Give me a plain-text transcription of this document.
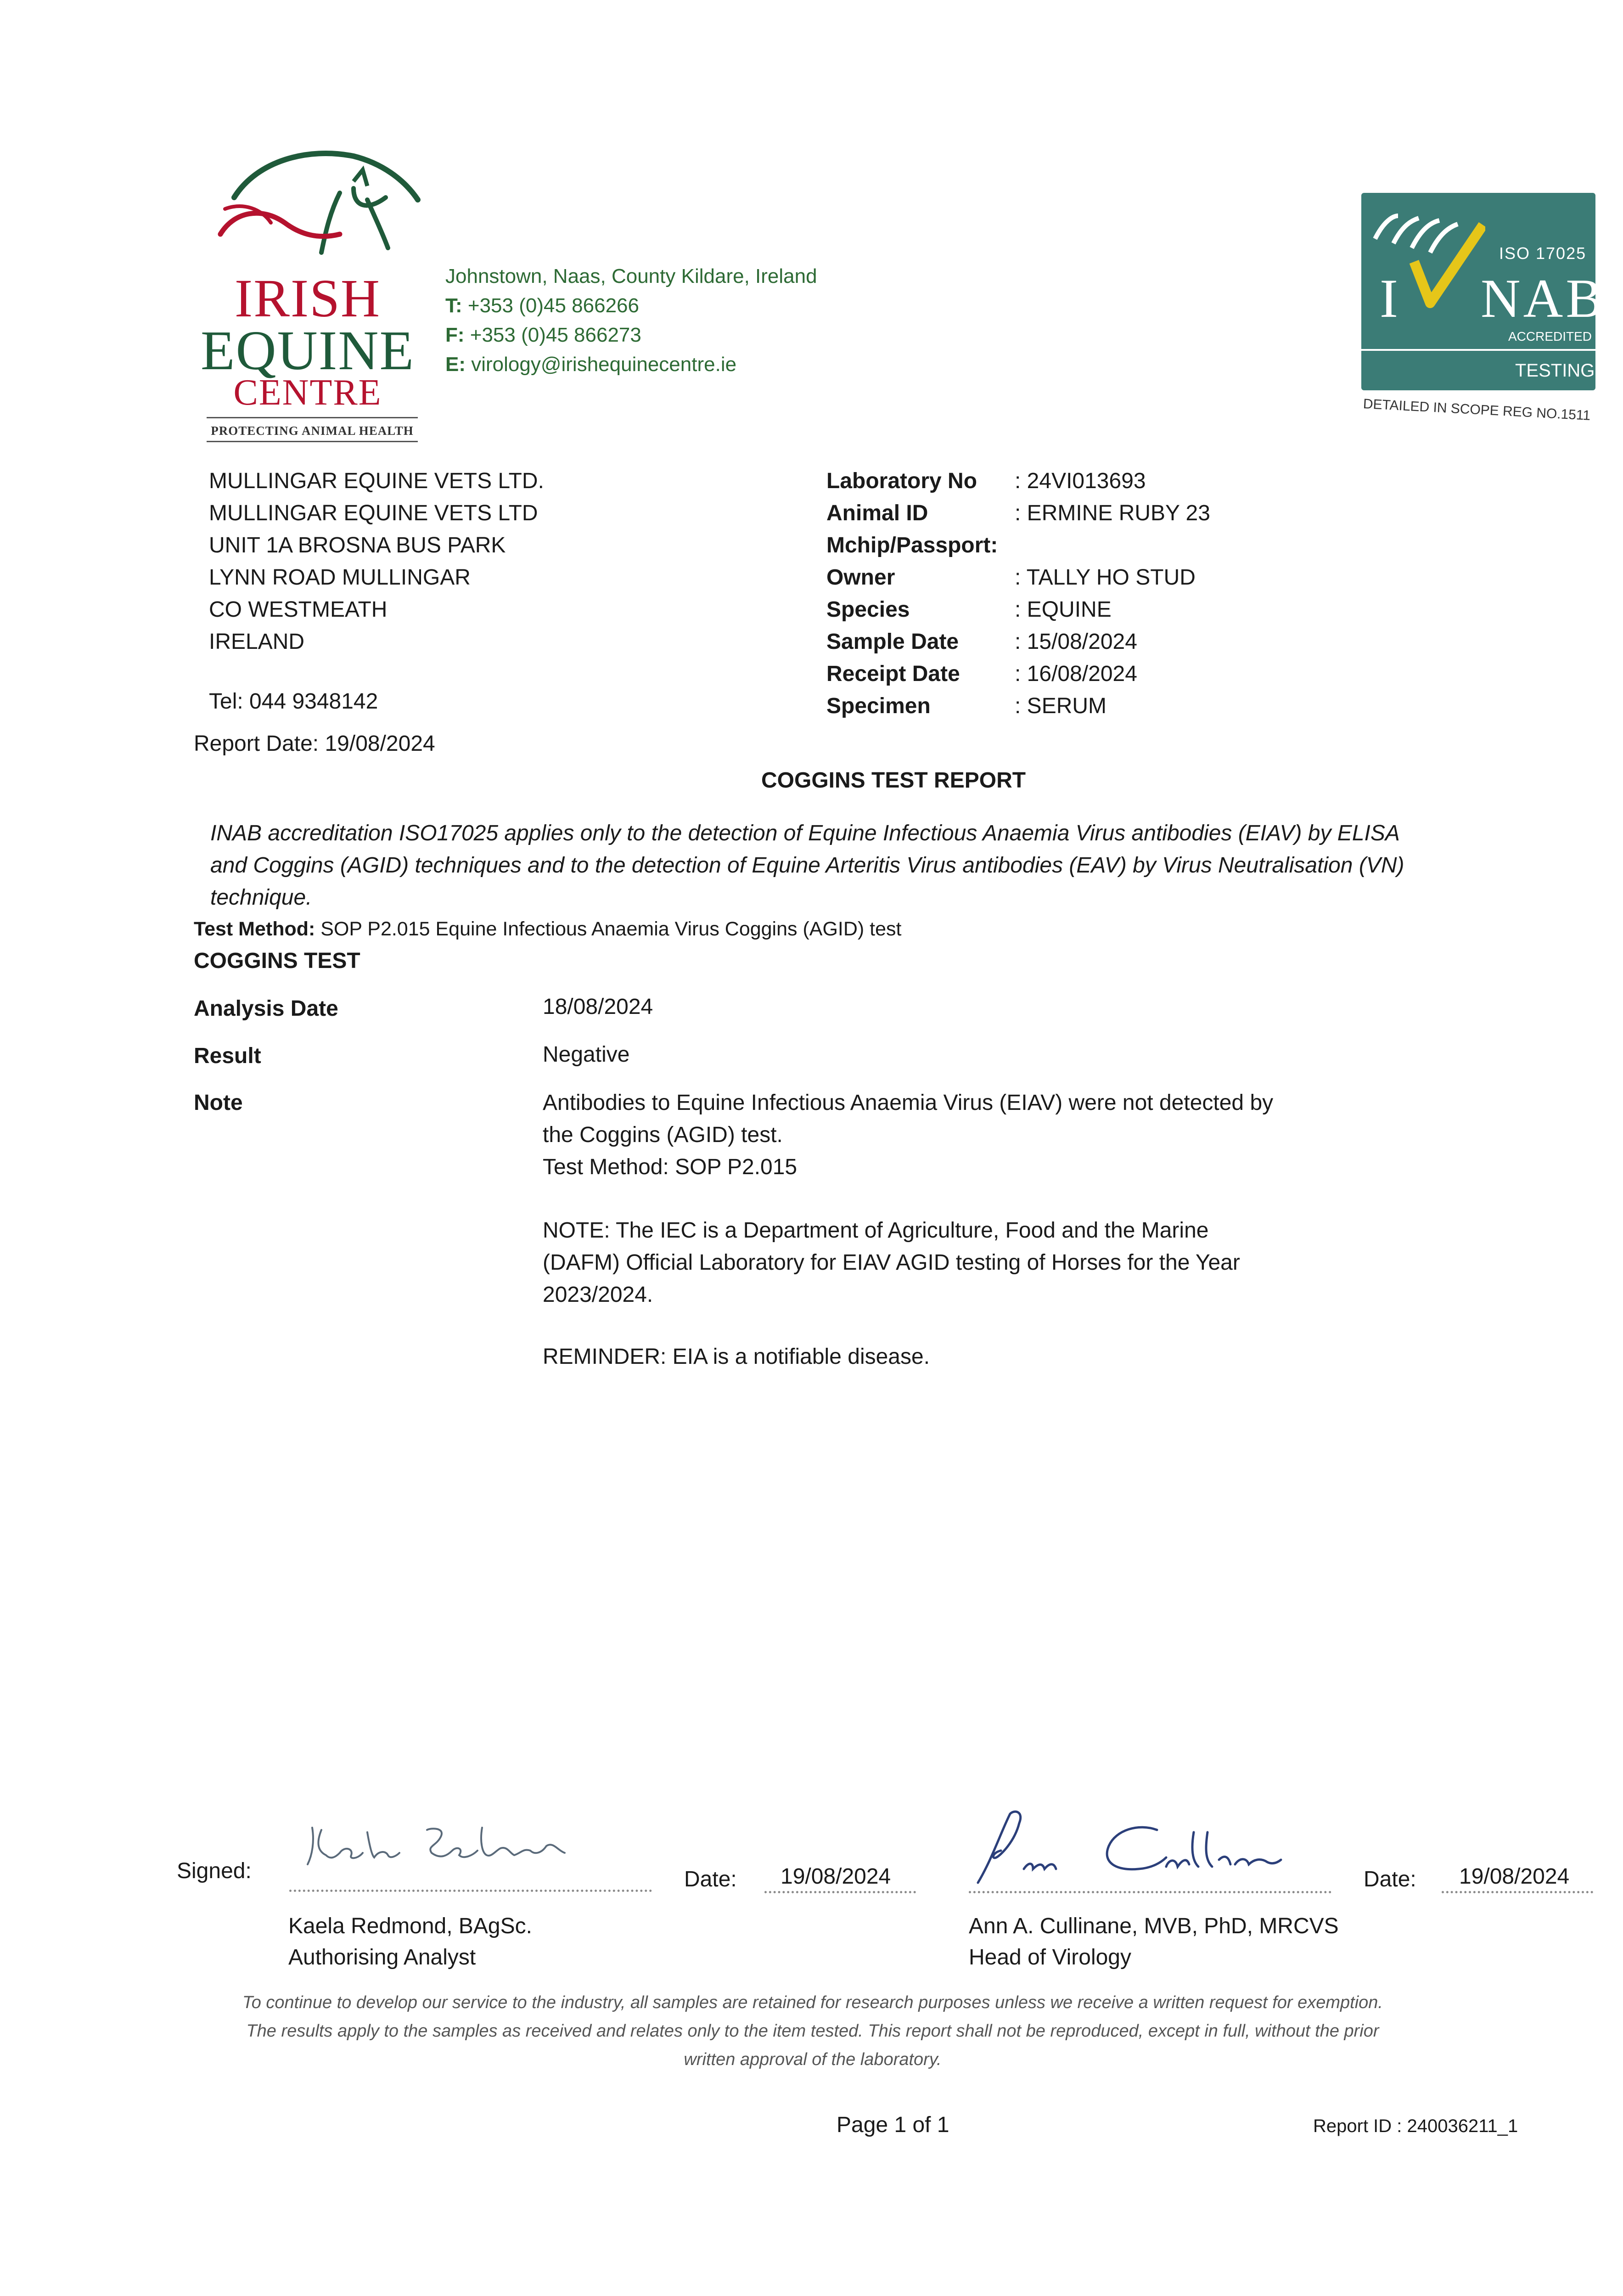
IRISH
EQUINE
CENTRE
PROTECTING ANIMAL HEALTH
Johnstown, Naas, County Kildare, Ireland
T: +353 (0)45 866266
F: +353 (0)45 866273
E: virology@irishequinecentre.ie
ISO 17025
I NAB
ACCREDITED
TESTING
DETAILED IN SCOPE REG NO.1511
MULLINGAR EQUINE VETS LTD.
MULLINGAR EQUINE VETS LTD
UNIT 1A BROSNA BUS PARK
LYNN ROAD MULLINGAR
CO WESTMEATH
IRELAND
Tel: 044 9348142
Report Date: 19/08/2024
Laboratory No	: 24VI013693
Animal ID	: ERMINE RUBY 23
Mchip/Passport:
Owner	: TALLY HO STUD
Species	: EQUINE
Sample Date	: 15/08/2024
Receipt Date	: 16/08/2024
Specimen	: SERUM
COGGINS TEST REPORT
INAB accreditation ISO17025 applies only to the detection of Equine Infectious Anaemia Virus antibodies (EIAV) by ELISA
and Coggins (AGID) techniques and to the detection of Equine Arteritis Virus antibodies (EAV) by Virus Neutralisation (VN)
technique.
Test Method: SOP P2.015 Equine Infectious Anaemia Virus Coggins (AGID) test
COGGINS TEST
Analysis Date	18/08/2024
Result	Negative
Note	Antibodies to Equine Infectious Anaemia Virus (EIAV) were not detected by
the Coggins (AGID) test.
Test Method: SOP P2.015
NOTE: The IEC is a Department of Agriculture, Food and the Marine
(DAFM) Official Laboratory for EIAV AGID testing of Horses for the Year
2023/2024.
REMINDER: EIA is a notifiable disease.
Signed:	Date: 19/08/2024
Kaela Redmond, BAgSc.
Authorising Analyst
Date: 19/08/2024
Ann A. Cullinane, MVB, PhD, MRCVS
Head of Virology
To continue to develop our service to the industry, all samples are retained for research purposes unless we receive a written request for exemption.
The results apply to the samples as received and relates only to the item tested. This report shall not be reproduced, except in full, without the prior
written approval of the laboratory.
Page 1 of 1	Report ID : 240036211_1
